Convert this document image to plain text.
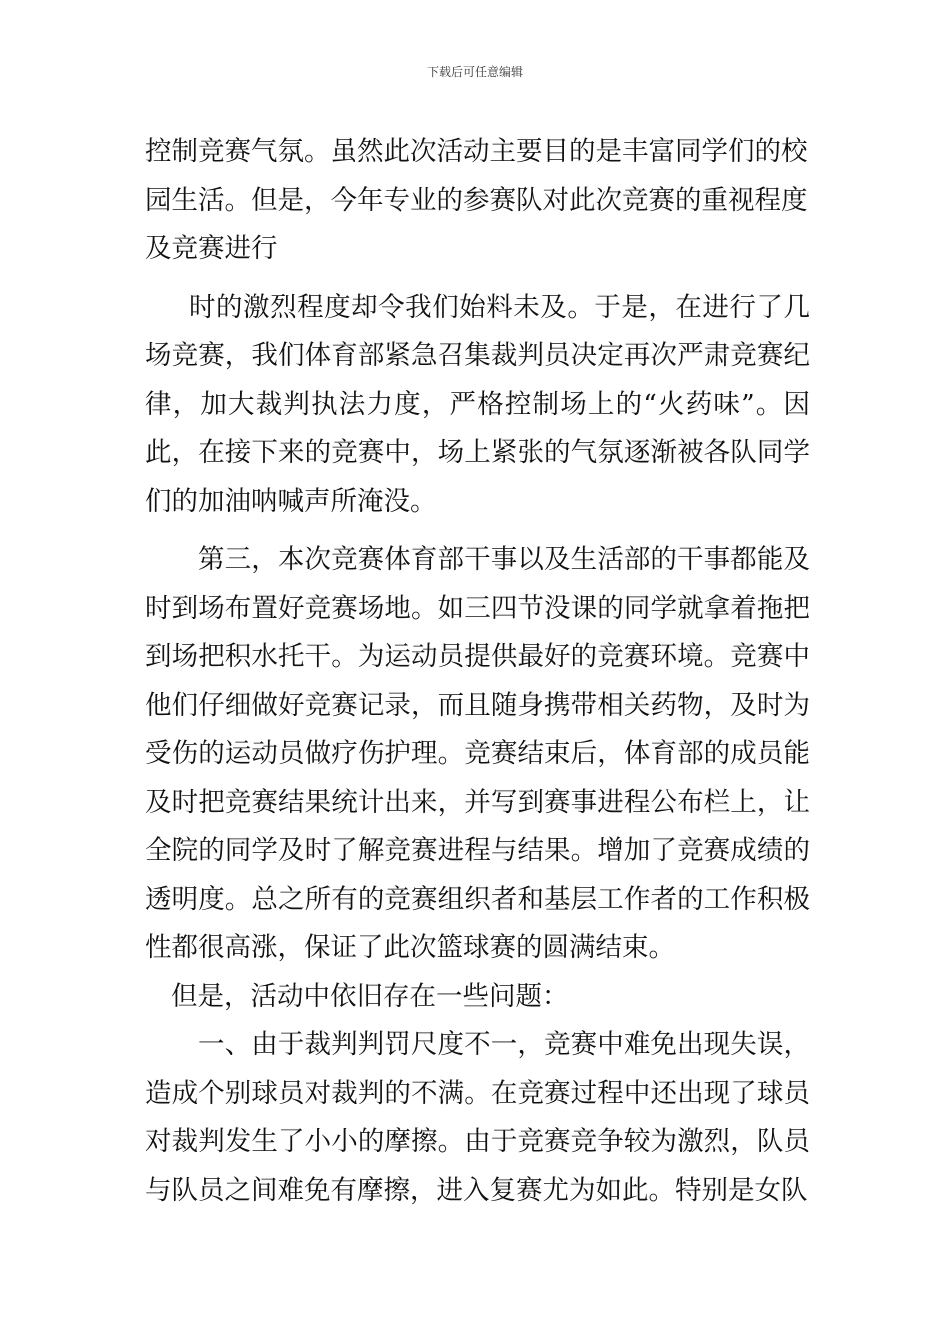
下载后可任意编辑

控制竞赛气氛。虽然此次活动主要目的是丰富同学们的校园生活。但是，今年专业的参赛队对此次竞赛的重视程度及竞赛进行

时的激烈程度却令我们始料未及。于是，在进行了几场竞赛，我们体育部紧急召集裁判员决定再次严肃竞赛纪律，加大裁判执法力度，严格控制场上的“火药味”。因此，在接下来的竞赛中，场上紧张的气氛逐渐被各队同学们的加油呐喊声所淹没。

第三，本次竞赛体育部干事以及生活部的干事都能及时到场布置好竞赛场地。如三四节没课的同学就拿着拖把到场把积水托干。为运动员提供最好的竞赛环境。竞赛中他们仔细做好竞赛记录，而且随身携带相关药物，及时为受伤的运动员做疗伤护理。竞赛结束后，体育部的成员能及时把竞赛结果统计出来，并写到赛事进程公布栏上，让全院的同学及时了解竞赛进程与结果。增加了竞赛成绩的透明度。总之所有的竞赛组织者和基层工作者的工作积极性都很高涨，保证了此次篮球赛的圆满结束。

但是，活动中依旧存在一些问题：

一、由于裁判判罚尺度不一，竞赛中难免出现失误，造成个别球员对裁判的不满。在竞赛过程中还出现了球员对裁判发生了小小的摩擦。由于竞赛竞争较为激烈，队员与队员之间难免有摩擦，进入复赛尤为如此。特别是女队
